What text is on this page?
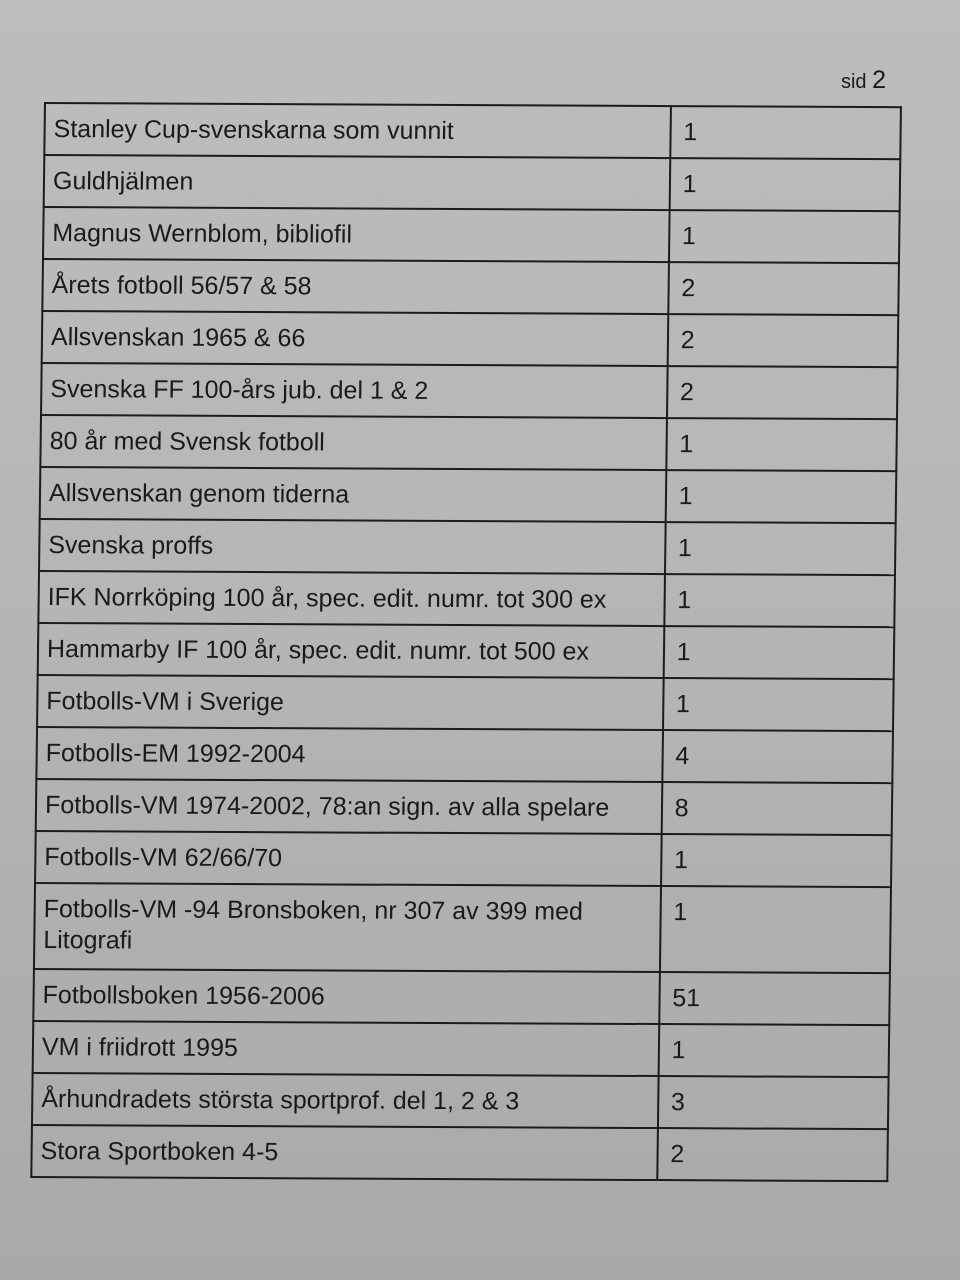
sid 2
Stanley Cup-svenskarna som vunnit	1
Guldhjälmen	1
Magnus Wernblom, bibliofil	1
Årets fotboll 56/57 & 58	2
Allsvenskan 1965 & 66	2
Svenska FF 100-års jub. del 1 & 2	2
80 år med Svensk fotboll	1
Allsvenskan genom tiderna	1
Svenska proffs	1
IFK Norrköping 100 år, spec. edit. numr. tot 300 ex	1
Hammarby IF 100 år, spec. edit. numr. tot 500 ex	1
Fotbolls-VM i Sverige	1
Fotbolls-EM 1992-2004	4
Fotbolls-VM 1974-2002, 78:an sign. av alla spelare	8
Fotbolls-VM 62/66/70	1
Fotbolls-VM -94 Bronsboken, nr 307 av 399 med Litografi	1
Fotbollsboken 1956-2006	51
VM i friidrott 1995	1
Århundradets största sportprof. del 1, 2 & 3	3
Stora Sportboken 4-5	2
